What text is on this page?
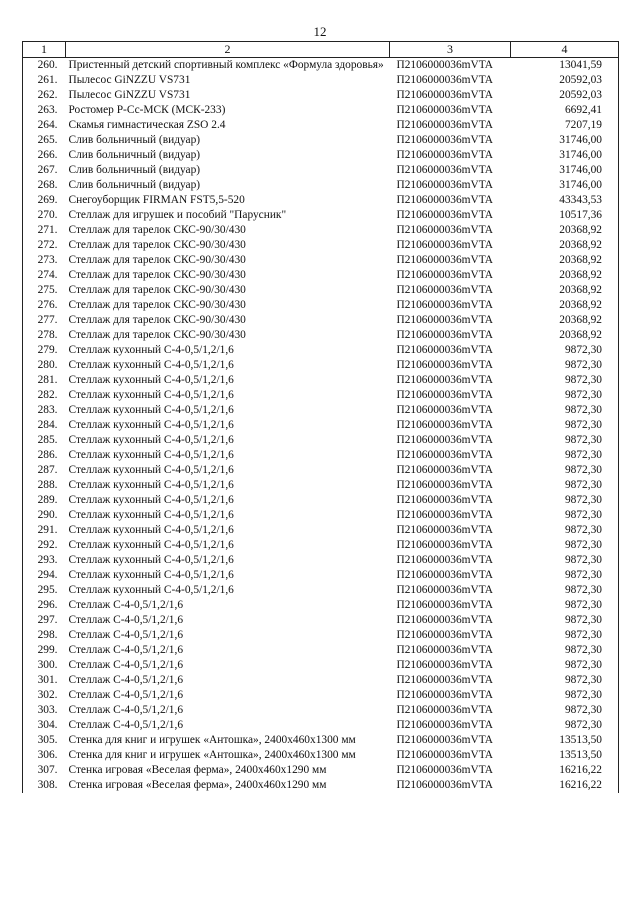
12
1	2	3	4
260.	Пристенный детский спортивный комплекс «Формула здоровья»	П2106000036mVTA	13041,59
261.	Пылесос GiNZZU VS731	П2106000036mVTA	20592,03
262.	Пылесос GiNZZU VS731	П2106000036mVTA	20592,03
263.	Ростомер Р-Сс-МСК (МСК-233)	П2106000036mVTA	6692,41
264.	Скамья гимнастическая ZSO 2.4	П2106000036mVTA	7207,19
265.	Слив больничный (видуар)	П2106000036mVTA	31746,00
266.	Слив больничный (видуар)	П2106000036mVTA	31746,00
267.	Слив больничный (видуар)	П2106000036mVTA	31746,00
268.	Слив больничный (видуар)	П2106000036mVTA	31746,00
269.	Снегоуборщик FIRMAN FST5,5-520	П2106000036mVTA	43343,53
270.	Стеллаж для игрушек и пособий "Парусник"	П2106000036mVTA	10517,36
271.	Стеллаж для тарелок СКС-90/30/430	П2106000036mVTA	20368,92
272.	Стеллаж для тарелок СКС-90/30/430	П2106000036mVTA	20368,92
273.	Стеллаж для тарелок СКС-90/30/430	П2106000036mVTA	20368,92
274.	Стеллаж для тарелок СКС-90/30/430	П2106000036mVTA	20368,92
275.	Стеллаж для тарелок СКС-90/30/430	П2106000036mVTA	20368,92
276.	Стеллаж для тарелок СКС-90/30/430	П2106000036mVTA	20368,92
277.	Стеллаж для тарелок СКС-90/30/430	П2106000036mVTA	20368,92
278.	Стеллаж для тарелок СКС-90/30/430	П2106000036mVTA	20368,92
279.	Стеллаж кухонный С-4-0,5/1,2/1,6	П2106000036mVTA	9872,30
280.	Стеллаж кухонный С-4-0,5/1,2/1,6	П2106000036mVTA	9872,30
281.	Стеллаж кухонный С-4-0,5/1,2/1,6	П2106000036mVTA	9872,30
282.	Стеллаж кухонный С-4-0,5/1,2/1,6	П2106000036mVTA	9872,30
283.	Стеллаж кухонный С-4-0,5/1,2/1,6	П2106000036mVTA	9872,30
284.	Стеллаж кухонный С-4-0,5/1,2/1,6	П2106000036mVTA	9872,30
285.	Стеллаж кухонный С-4-0,5/1,2/1,6	П2106000036mVTA	9872,30
286.	Стеллаж кухонный С-4-0,5/1,2/1,6	П2106000036mVTA	9872,30
287.	Стеллаж кухонный С-4-0,5/1,2/1,6	П2106000036mVTA	9872,30
288.	Стеллаж кухонный С-4-0,5/1,2/1,6	П2106000036mVTA	9872,30
289.	Стеллаж кухонный С-4-0,5/1,2/1,6	П2106000036mVTA	9872,30
290.	Стеллаж кухонный С-4-0,5/1,2/1,6	П2106000036mVTA	9872,30
291.	Стеллаж кухонный С-4-0,5/1,2/1,6	П2106000036mVTA	9872,30
292.	Стеллаж кухонный С-4-0,5/1,2/1,6	П2106000036mVTA	9872,30
293.	Стеллаж кухонный С-4-0,5/1,2/1,6	П2106000036mVTA	9872,30
294.	Стеллаж кухонный С-4-0,5/1,2/1,6	П2106000036mVTA	9872,30
295.	Стеллаж кухонный С-4-0,5/1,2/1,6	П2106000036mVTA	9872,30
296.	Стеллаж С-4-0,5/1,2/1,6	П2106000036mVTA	9872,30
297.	Стеллаж С-4-0,5/1,2/1,6	П2106000036mVTA	9872,30
298.	Стеллаж С-4-0,5/1,2/1,6	П2106000036mVTA	9872,30
299.	Стеллаж С-4-0,5/1,2/1,6	П2106000036mVTA	9872,30
300.	Стеллаж С-4-0,5/1,2/1,6	П2106000036mVTA	9872,30
301.	Стеллаж С-4-0,5/1,2/1,6	П2106000036mVTA	9872,30
302.	Стеллаж С-4-0,5/1,2/1,6	П2106000036mVTA	9872,30
303.	Стеллаж С-4-0,5/1,2/1,6	П2106000036mVTA	9872,30
304.	Стеллаж С-4-0,5/1,2/1,6	П2106000036mVTA	9872,30
305.	Стенка для книг и игрушек «Антошка», 2400х460х1300 мм	П2106000036mVTA	13513,50
306.	Стенка для книг и игрушек «Антошка», 2400х460х1300 мм	П2106000036mVTA	13513,50
307.	Стенка игровая «Веселая ферма», 2400х460х1290 мм	П2106000036mVTA	16216,22
308.	Стенка игровая «Веселая ферма», 2400х460х1290 мм	П2106000036mVTA	16216,22
